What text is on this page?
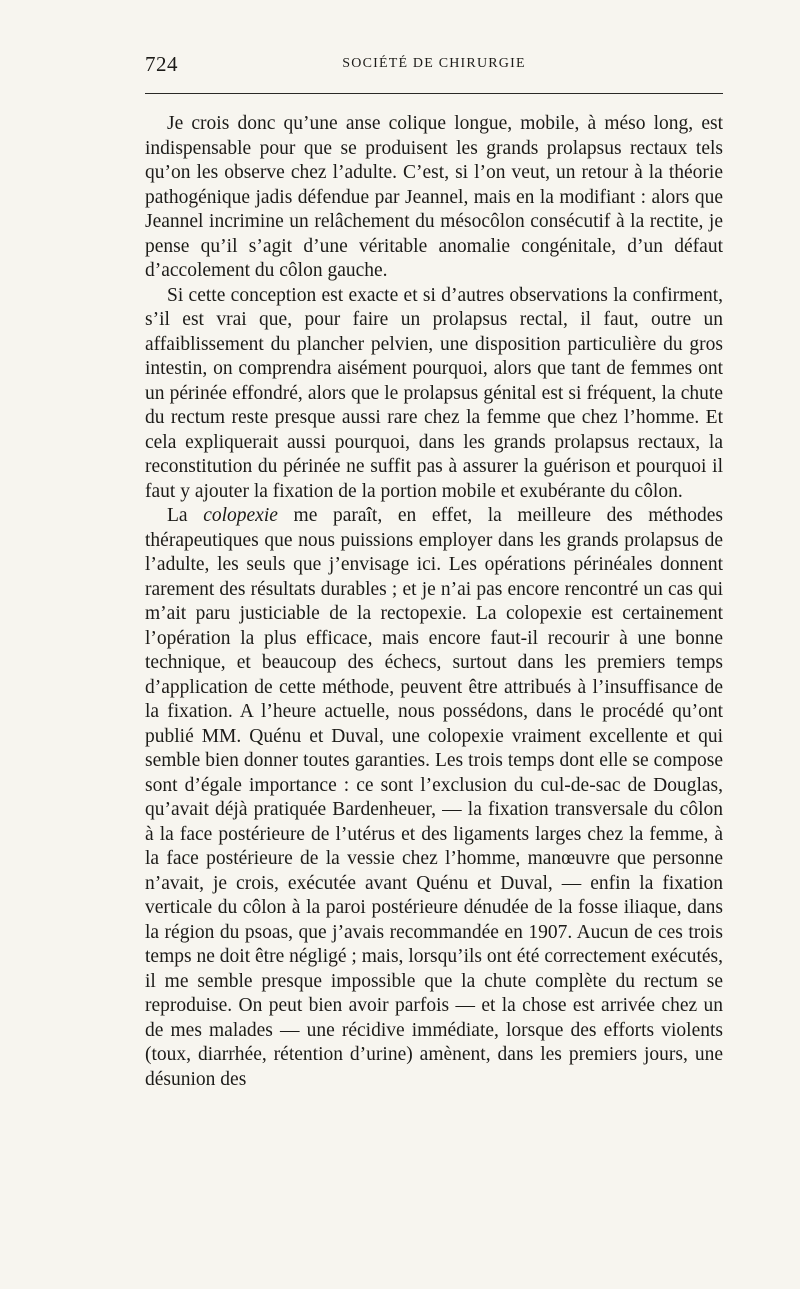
724	SOCIÉTÉ DE CHIRURGIE

Je crois donc qu’une anse colique longue, mobile, à méso long, est indispensable pour que se produisent les grands prolapsus rectaux tels qu’on les observe chez l’adulte. C’est, si l’on veut, un retour à la théorie pathogénique jadis défendue par Jeannel, mais en la modifiant : alors que Jeannel incrimine un relâchement du mésocôlon consécutif à la rectite, je pense qu’il s’agit d’une véritable anomalie congénitale, d’un défaut d’accolement du côlon gauche.

Si cette conception est exacte et si d’autres observations la confirment, s’il est vrai que, pour faire un prolapsus rectal, il faut, outre un affaiblissement du plancher pelvien, une disposition particulière du gros intestin, on comprendra aisément pourquoi, alors que tant de femmes ont un périnée effondré, alors que le prolapsus génital est si fréquent, la chute du rectum reste presque aussi rare chez la femme que chez l’homme. Et cela expliquerait aussi pourquoi, dans les grands prolapsus rectaux, la reconstitution du périnée ne suffit pas à assurer la guérison et pourquoi il faut y ajouter la fixation de la portion mobile et exubérante du côlon.

La colopexie me paraît, en effet, la meilleure des méthodes thérapeutiques que nous puissions employer dans les grands prolapsus de l’adulte, les seuls que j’envisage ici. Les opérations périnéales donnent rarement des résultats durables ; et je n’ai pas encore rencontré un cas qui m’ait paru justiciable de la rectopexie. La colopexie est certainement l’opération la plus efficace, mais encore faut-il recourir à une bonne technique, et beaucoup des échecs, surtout dans les premiers temps d’application de cette méthode, peuvent être attribués à l’insuffisance de la fixation. A l’heure actuelle, nous possédons, dans le procédé qu’ont publié MM. Quénu et Duval, une colopexie vraiment excellente et qui semble bien donner toutes garanties. Les trois temps dont elle se compose sont d’égale importance : ce sont l’exclusion du cul-de-sac de Douglas, qu’avait déjà pratiquée Bardenheuer, — la fixation transversale du côlon à la face postérieure de l’utérus et des ligaments larges chez la femme, à la face postérieure de la vessie chez l’homme, manœuvre que personne n’avait, je crois, exécutée avant Quénu et Duval, — enfin la fixation verticale du côlon à la paroi postérieure dénudée de la fosse iliaque, dans la région du psoas, que j’avais recommandée en 1907. Aucun de ces trois temps ne doit être négligé ; mais, lorsqu’ils ont été correctement exécutés, il me semble presque impossible que la chute complète du rectum se reproduise. On peut bien avoir parfois — et la chose est arrivée chez un de mes malades — une récidive immédiate, lorsque des efforts violents (toux, diarrhée, rétention d’urine) amènent, dans les premiers jours, une désunion des
